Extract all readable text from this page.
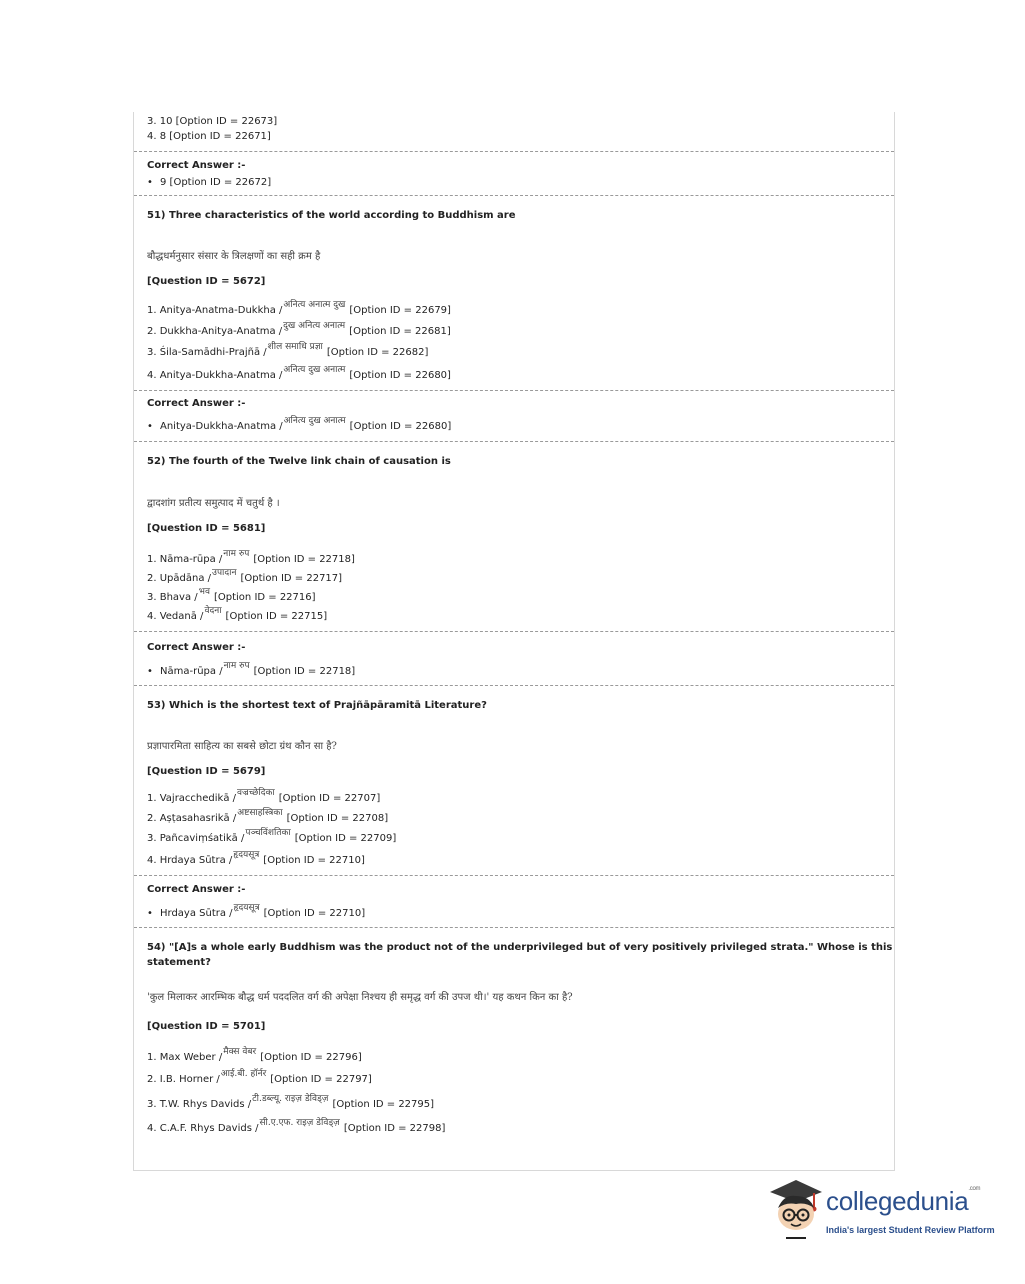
3. 10 [Option ID = 22673]
4. 8 [Option ID = 22671]
Correct Answer :-
• 9 [Option ID = 22672]
51) Three characteristics of the world according to Buddhism are
बौद्धधर्मनुसार संसार के त्रिलक्षणों का सही क्रम है
[Question ID = 5672]
1. Anitya-Anatma-Dukkha /अनित्य अनात्म दुख [Option ID = 22679]
2. Dukkha-Anitya-Anatma /दुख अनित्य अनात्म [Option ID = 22681]
3. Śila-Samādhi-Prajñā /शील समाधि प्रज्ञा [Option ID = 22682]
4. Anitya-Dukkha-Anatma /अनित्य दुख अनात्म [Option ID = 22680]
Correct Answer :-
• Anitya-Dukkha-Anatma /अनित्य दुख अनात्म [Option ID = 22680]
52) The fourth of the Twelve link chain of causation is
द्वादशांग प्रतीत्य समुत्पाद में चतुर्थ है ।
[Question ID = 5681]
1. Nāma-rūpa /नाम रुप [Option ID = 22718]
2. Upādāna /उपादान [Option ID = 22717]
3. Bhava /भव [Option ID = 22716]
4. Vedanā /वेदना [Option ID = 22715]
Correct Answer :-
• Nāma-rūpa /नाम रुप [Option ID = 22718]
53) Which is the shortest text of Prajñāpāramitā Literature?
प्रज्ञापारमिता साहित्य का सबसे छोटा ग्रंथ कौन सा है?
[Question ID = 5679]
1. Vajracchedikā /वज्रच्छेदिका [Option ID = 22707]
2. Aṣṭasahasrikā /अष्टसाहस्त्रिका [Option ID = 22708]
3. Pañcaviṃśatikā /पञ्चविंशतिका [Option ID = 22709]
4. Hrdaya Sūtra /हृदयसूत्र [Option ID = 22710]
Correct Answer :-
• Hrdaya Sūtra /हृदयसूत्र [Option ID = 22710]
54) "[A]s a whole early Buddhism was the product not of the underprivileged but of very positively privileged strata." Whose is this
statement?
'कुल मिलाकर आरम्भिक बौद्ध धर्म पददलित वर्ग की अपेक्षा निश्चय ही समृद्ध वर्ग की उपज थी।' यह कथन किन का है?
[Question ID = 5701]
1. Max Weber /मैक्स वेबर [Option ID = 22796]
2. I.B. Horner /आई.बी. हॉर्नर [Option ID = 22797]
3. T.W. Rhys Davids /टी.डब्ल्यू. राइज़ डेविड्ज़ [Option ID = 22795]
4. C.A.F. Rhys Davids /सी.ए.एफ. राइज़ डेविड्ज़ [Option ID = 22798]
collegedunia$^{.com}$
India's largest Student Review Platform
